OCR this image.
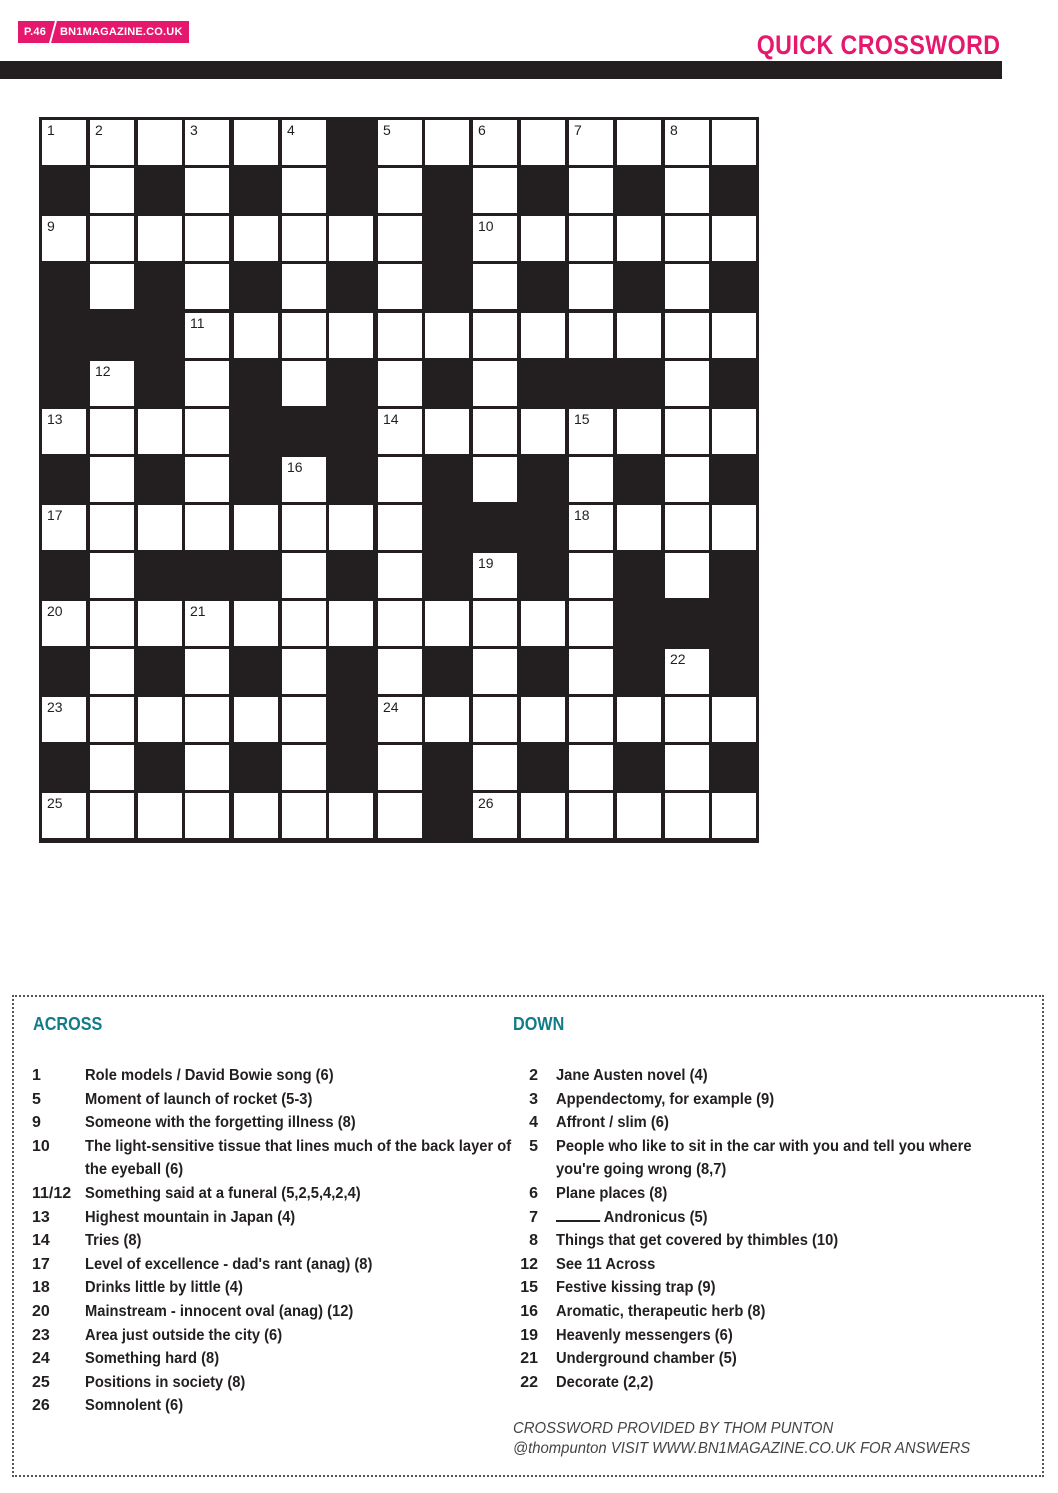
P.46	BN1MAGAZINE.CO.UK	QUICK CROSSWORD
1	2	3	4	5	6	7	8
9	10
11
12
13	14	15
16
17	18
19
20	21
22
23	24
25	26
ACROSS	DOWN
1	Role models / David Bowie song (6)
5	Moment of launch of rocket (5-3)
9	Someone with the forgetting illness (8)
10 The light-sensitive tissue that lines much of the back layer of the eyeball (6)
11/12 Something said at a funeral (5,2,5,4,2,4)
13 Highest mountain in Japan (4)
14 Tries (8)
17 Level of excellence - dad's rant (anag) (8)
18 Drinks little by little (4)
20 Mainstream - innocent oval (anag) (12)
23 Area just outside the city (6)
24 Something hard (8)
25 Positions in society (8)
26 Somnolent (6)
2 Jane Austen novel (4)
3 Appendectomy, for example (9)
4 Affront / slim (6)
5 People who like to sit in the car with you and tell you where you're going wrong (8,7)
6 Plane places (8)
7	Andronicus (5)
8 Things that get covered by thimbles (10)
12 See 11 Across
15 Festive kissing trap (9)
16 Aromatic, therapeutic herb (8)
19 Heavenly messengers (6)
21 Underground chamber (5)
22 Decorate (2,2)
CROSSWORD PROVIDED BY THOM PUNTON
@thompunton VISIT WWW.BN1MAGAZINE.CO.UK FOR ANSWERS
